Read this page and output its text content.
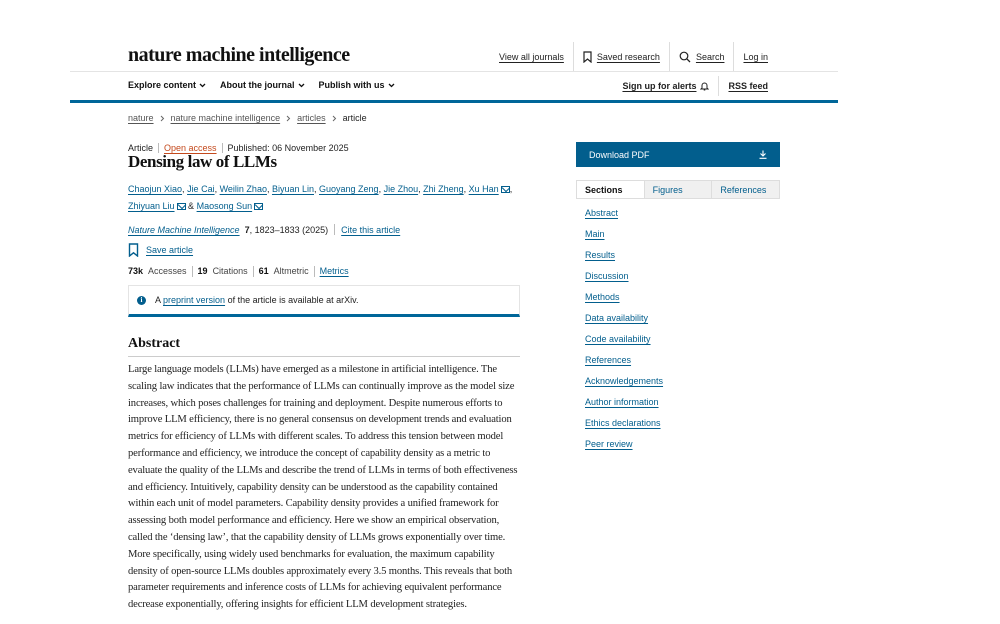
nature machine intelligence	View all journals	Saved research	Search Log in
Explore content	About the journal	Publish with us	Sign up for alerts	RSS feed
nature nature machine intelligence articles article
Article	Open access	Published: 06 November 2025
Densing law of LLMs
Chaojun Xiao, Jie Cai, Weilin Zhao, Biyuan Lin, Guoyang Zeng, Jie Zhou, Zhi Zheng, Xu Han , Zhiyuan Liu & Maosong Sun
Nature Machine Intelligence 7 , 1823–1833 (2025) Cite this article
Save article
73k Accesses 19 Citations 61 Altmetric Metrics
i	A preprint version of the article is available at arXiv.
Abstract

Large language models (LLMs) have emerged as a milestone in artificial intelligence. The scaling law indicates that the performance of LLMs can continually improve as the model size increases, which poses challenges for training and deployment. Despite numerous efforts to improve LLM efficiency, there is no general consensus on development trends and evaluation metrics for efficiency of LLMs with different scales. To address this tension between model performance and efficiency, we introduce the concept of capability density as a metric to evaluate the quality of the LLMs and describe the trend of LLMs in terms of both effectiveness and efficiency. Intuitively, capability density can be understood as the capability contained within each unit of model parameters. Capability density provides a unified framework for assessing both model performance and efficiency. Here we show an empirical observation, called the ‘densing law’, that the capability density of LLMs grows exponentially over time. More specifically, using widely used benchmarks for evaluation, the maximum capability density of open-source LLMs doubles approximately every 3.5 months. This reveals that both parameter requirements and inference costs of LLMs for achieving equivalent performance decrease exponentially, offering insights for efficient LLM development strategies.

Download PDF
Sections	Figures	References
Abstract
Main
Results
Discussion
Methods
Data availability
Code availability
References
Acknowledgements
Author information
Ethics declarations
Peer review
